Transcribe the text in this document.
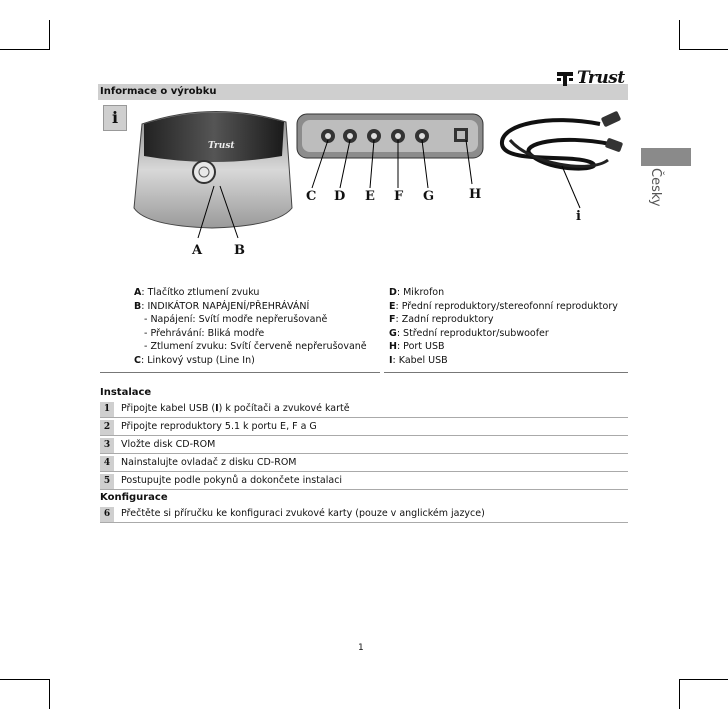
Informace o výrobku
Trust
i
Česky
Trust
A B
C D E F G	H
i
A: Tlačítko ztlumení zvuku
B: INDIKÁTOR NAPÁJENÍ/PŘEHRÁVÁNÍ
- Napájení: Svítí modře nepřerušovaně
- Přehrávání: Bliká modře
- Ztlumení zvuku: Svítí červeně nepřerušovaně
C: Linkový vstup (Line In)
D: Mikrofon
E: Přední reproduktory/stereofonní reproduktory
F: Zadní reproduktory
G: Střední reproduktor/subwoofer
H: Port USB
I: Kabel USB
Instalace
1	Připojte kabel USB (I) k počítači a zvukové kartě
2	Připojte reproduktory 5.1 k portu E, F a G
3	Vložte disk CD-ROM
4	Nainstalujte ovladač z disku CD-ROM
5	Postupujte podle pokynů a dokončete instalaci
Konfigurace
6	Přečtěte si příručku ke konfiguraci zvukové karty (pouze v anglickém jazyce)
1
